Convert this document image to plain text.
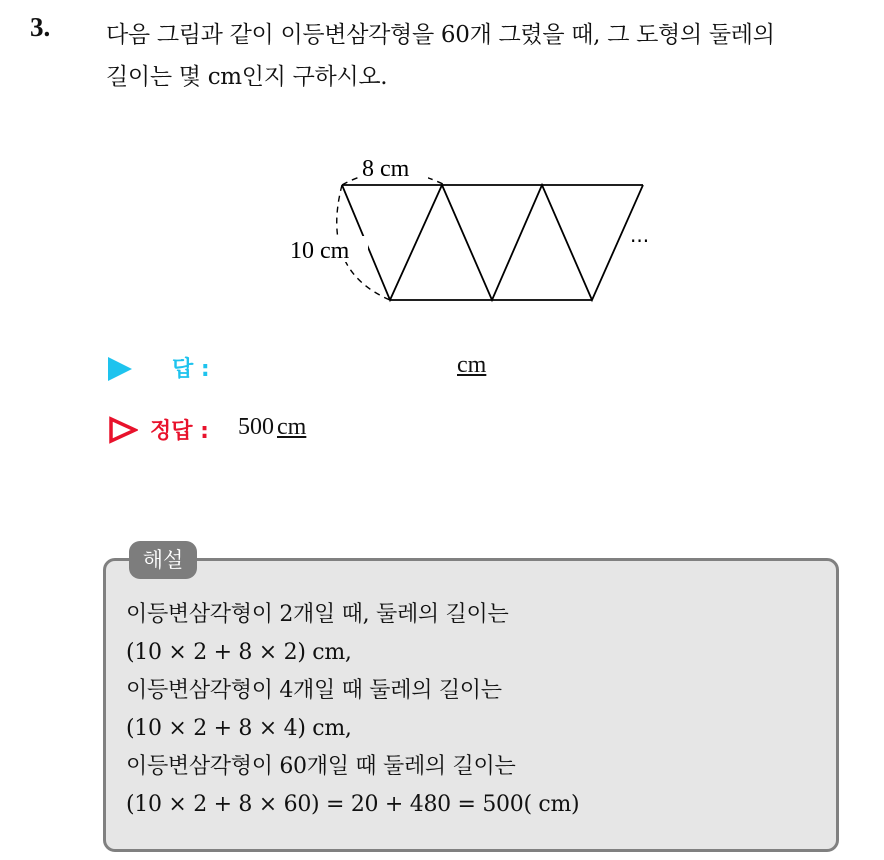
3. 다음 그림과 같이 이등변삼각형을 60개 그렸을 때, 그 도형의 둘레의
길이는 몇 cm인지 구하시오.
8 cm
10 cm	···
답 :	cm
정답 : 500 cm
해설
이등변삼각형이 2개일 때, 둘레의 길이는
(10 × 2 + 8 × 2) cm,
이등변삼각형이 4개일 때 둘레의 길이는
(10 × 2 + 8 × 4) cm,
이등변삼각형이 60개일 때 둘레의 길이는
(10 × 2 + 8 × 60) = 20 + 480 = 500( cm)
